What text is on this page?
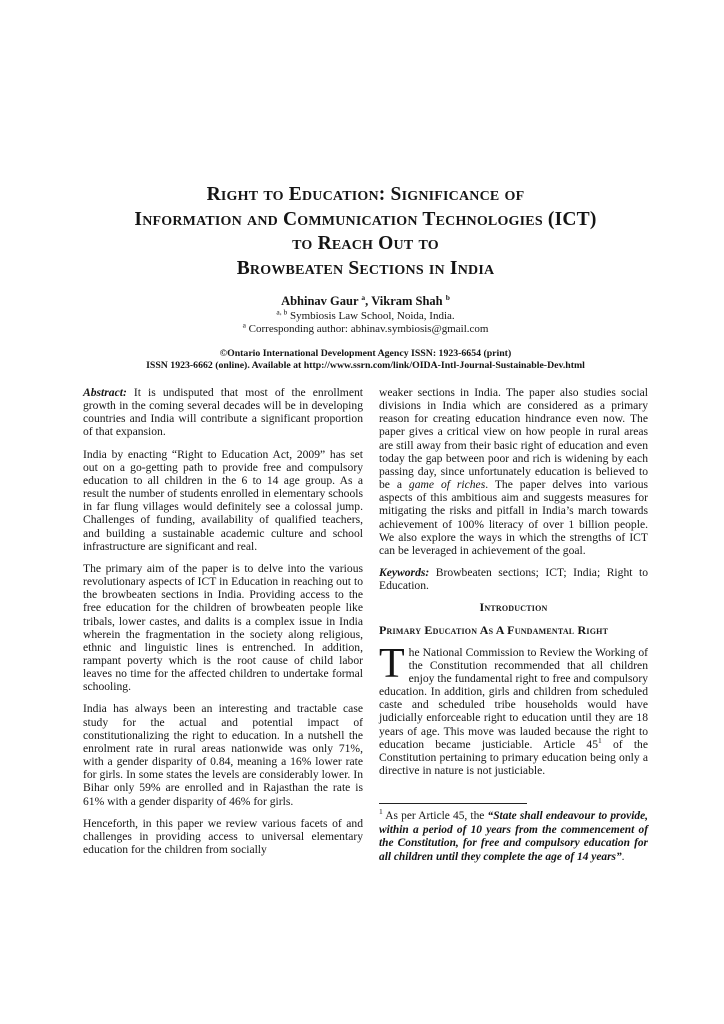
Right to Education: Significance of
Information and Communication Technologies (ICT)
to Reach Out to
Browbeaten Sections in India
Abhinav Gaur $^a$, Vikram Shah $^b$
$^{a, b}$ Symbiosis Law School, Noida, India.
$^a$ Corresponding author: abhinav.symbiosis@gmail.com
©Ontario International Development Agency ISSN: 1923-6654 (print)
ISSN 1923-6662 (online). Available at http://www.ssrn.com/link/OIDA-Intl-Journal-Sustainable-Dev.html

Abstract: It is undisputed that most of the enrollment growth in the coming several decades will be in developing countries and India will contribute a significant proportion of that expansion.

India by enacting “Right to Education Act, 2009” has set out on a go-getting path to provide free and compulsory education to all children in the 6 to 14 age group. As a result the number of students enrolled in elementary schools in far flung villages would definitely see a colossal jump. Challenges of funding, availability of qualified teachers, and building a sustainable academic culture and school infrastructure are significant and real.

The primary aim of the paper is to delve into the various revolutionary aspects of ICT in Education in reaching out to the browbeaten sections in India. Providing access to the free education for the children of browbeaten people like tribals, lower castes, and dalits is a complex issue in India wherein the fragmentation in the society along religious, ethnic and linguistic lines is entrenched. In addition, rampant poverty which is the root cause of child labor leaves no time for the affected children to undertake formal schooling.

India has always been an interesting and tractable case study for the actual and potential impact of constitutionalizing the right to education. In a nutshell the enrolment rate in rural areas nationwide was only 71%, with a gender disparity of 0.84, meaning a 16% lower rate for girls. In some states the levels are considerably lower. In Bihar only 59% are enrolled and in Rajasthan the rate is 61% with a gender disparity of 46% for girls.

Henceforth, in this paper we review various facets of and challenges in providing access to universal elementary education for the children from socially

weaker sections in India. The paper also studies social divisions in India which are considered as a primary reason for creating education hindrance even now. The paper gives a critical view on how people in rural areas are still away from their basic right of education and even today the gap between poor and rich is widening by each passing day, since unfortunately education is believed to be a game of riches. The paper delves into various aspects of this ambitious aim and suggests measures for mitigating the risks and pitfall in India’s march towards achievement of 100% literacy of over 1 billion people. We also explore the ways in which the strengths of ICT can be leveraged in achievement of the goal.

Keywords: Browbeaten sections; ICT; India; Right to Education.

Introduction
Primary Education As A Fundamental Right

The National Commission to Review the Working of the Constitution recommended that all children enjoy the fundamental right to free and compulsory education. In addition, girls and children from scheduled caste and scheduled tribe households would have judicially enforceable right to education until they are 18 years of age. This move was lauded because the right to education became justiciable. Article $45^1$ of the Constitution pertaining to primary education being only a directive in nature is not justiciable.

$^1$ As per Article 45, the “State shall endeavour to provide, within a period of 10 years from the commencement of the Constitution, for free and compulsory education for all children until they complete the age of 14 years”.
